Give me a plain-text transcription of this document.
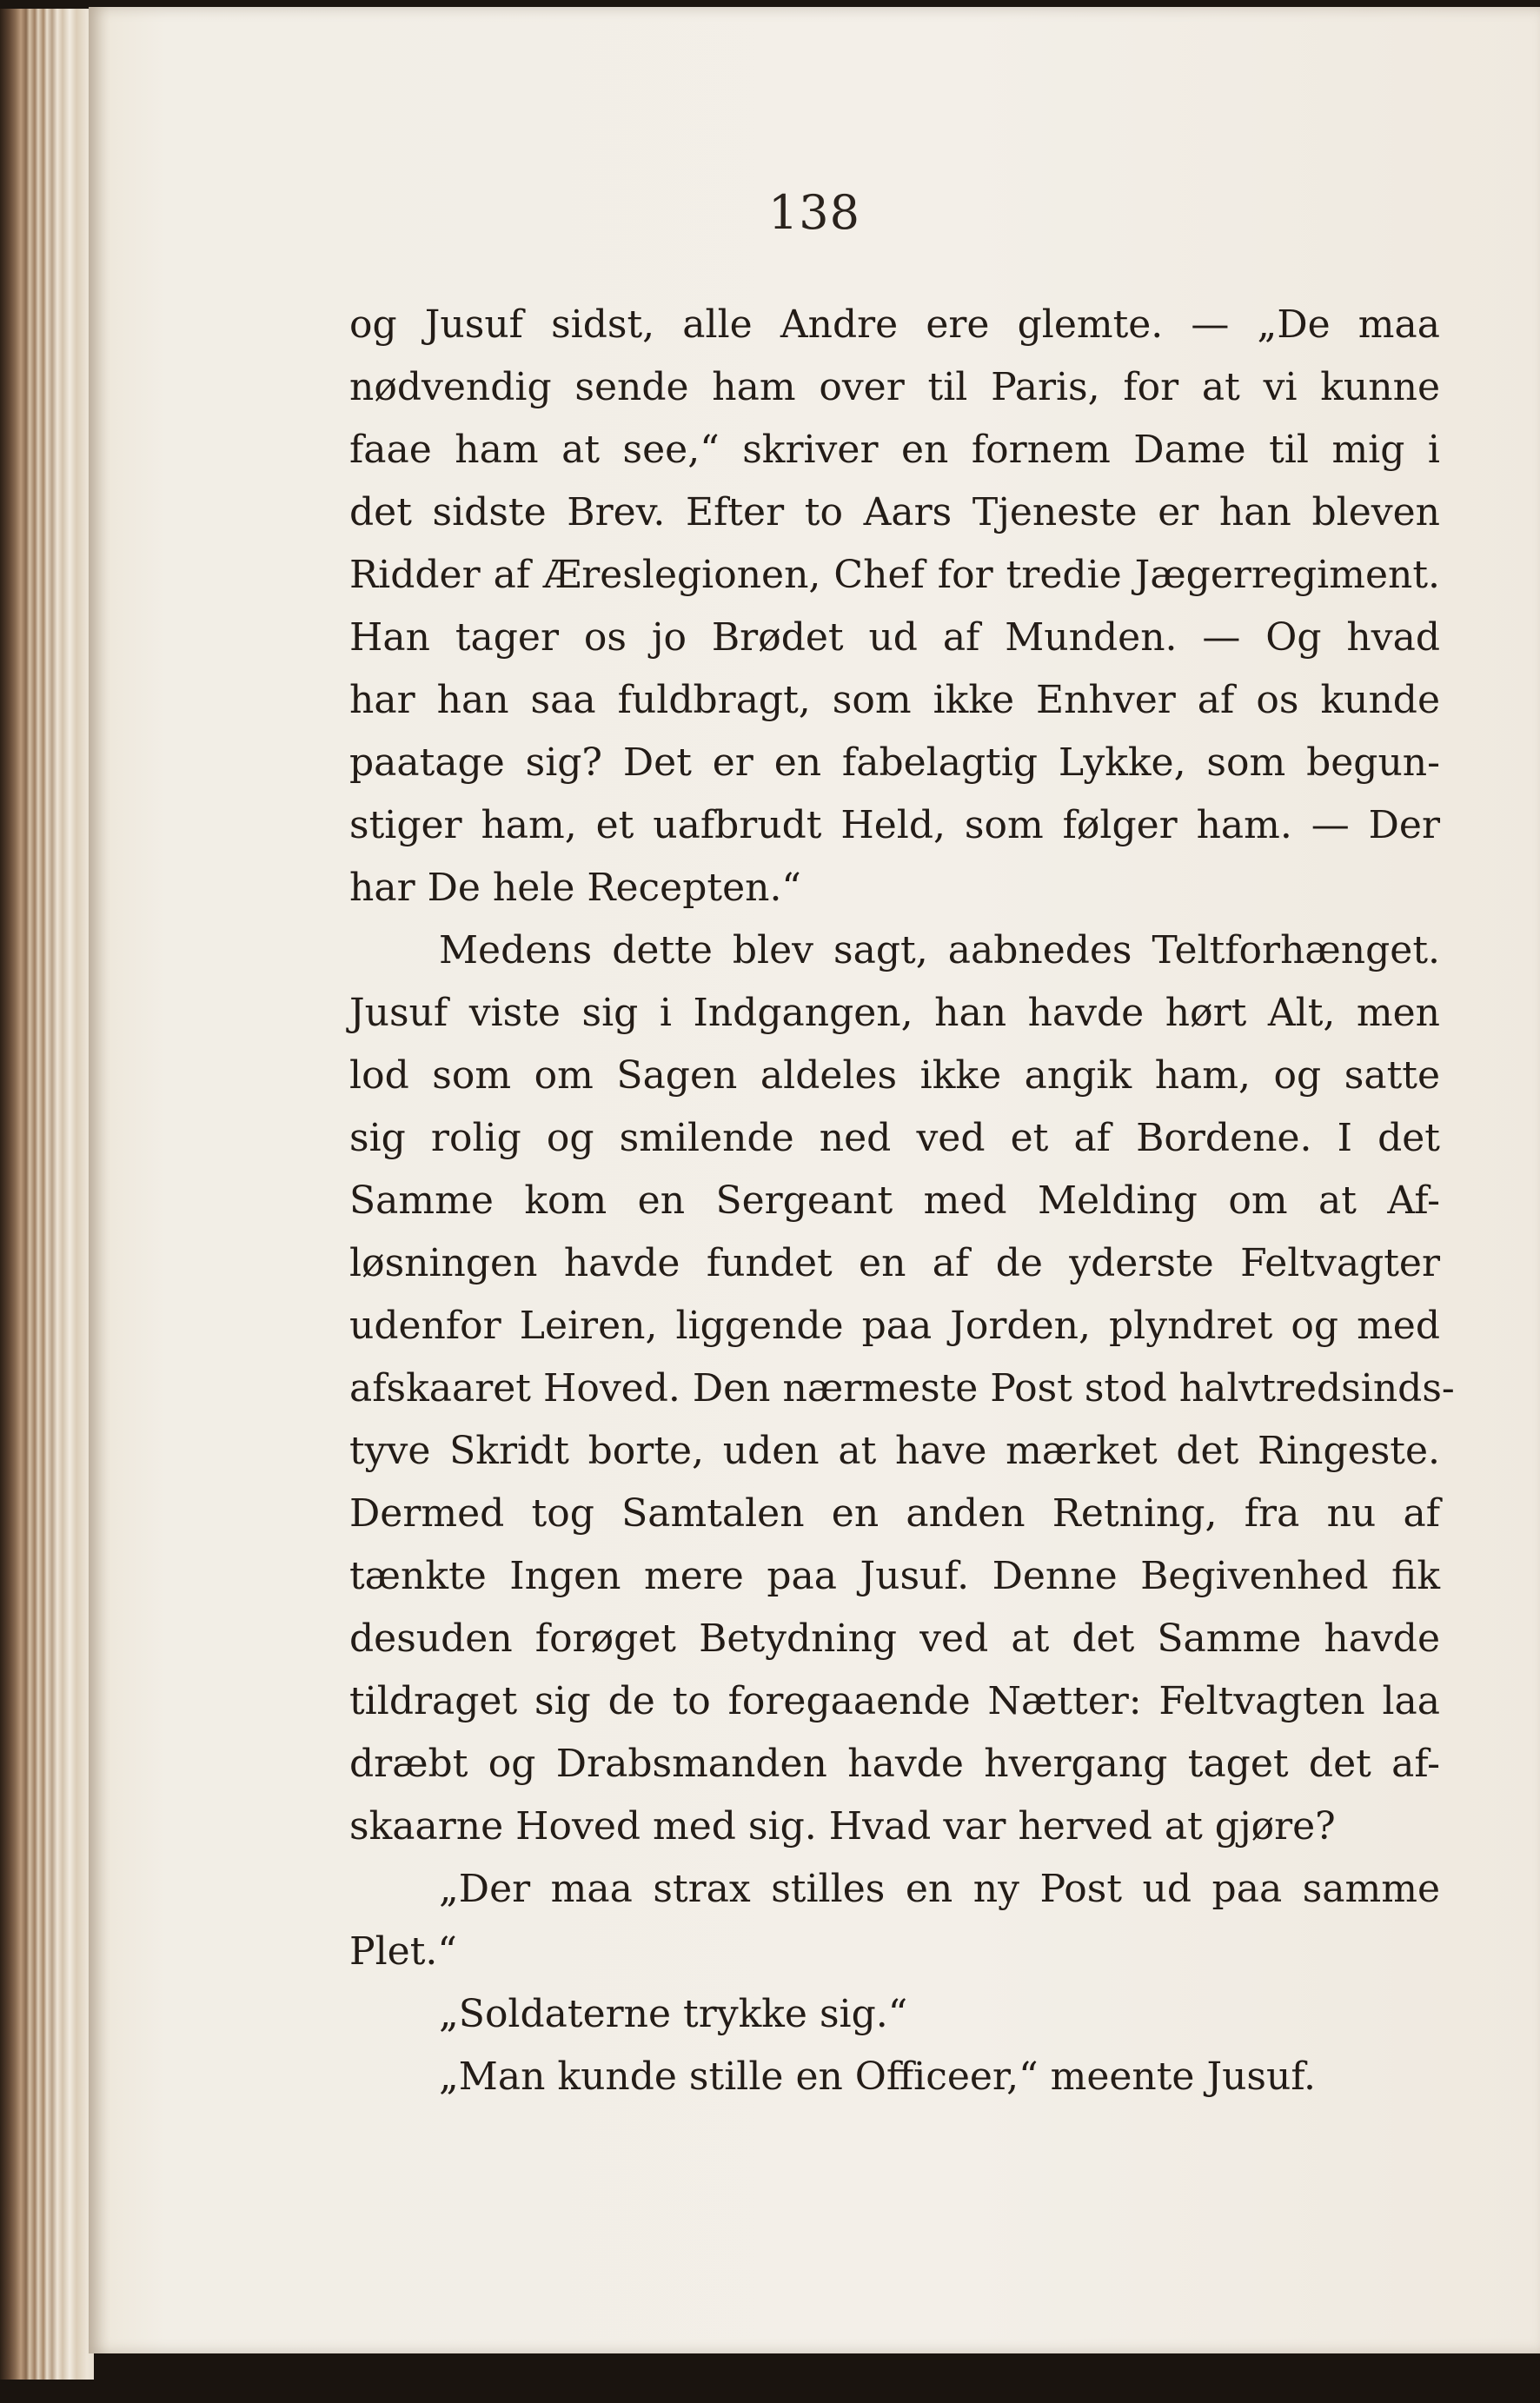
138
og Jusuf sidst, alle Andre ere glemte. — „De maa
nødvendig sende ham over til Paris, for at vi kunne
faae ham at see,“ skriver en fornem Dame til mig i
det sidste Brev. Efter to Aars Tjeneste er han bleven
Ridder af Æreslegionen, Chef for tredie Jægerregiment.
Han tager os jo Brødet ud af Munden. — Og hvad
har han saa fuldbragt, som ikke Enhver af os kunde
paatage sig? Det er en fabelagtig Lykke, som begun-
stiger ham, et uafbrudt Held, som følger ham. — Der
har De hele Recepten.“
Medens dette blev sagt, aabnedes Teltforhænget.
Jusuf viste sig i Indgangen, han havde hørt Alt, men
lod som om Sagen aldeles ikke angik ham, og satte
sig rolig og smilende ned ved et af Bordene. I det
Samme kom en Sergeant med Melding om at Af-
løsningen havde fundet en af de yderste Feltvagter
udenfor Leiren, liggende paa Jorden, plyndret og med
afskaaret Hoved. Den nærmeste Post stod halvtredsinds-
tyve Skridt borte, uden at have mærket det Ringeste.
Dermed tog Samtalen en anden Retning, fra nu af
tænkte Ingen mere paa Jusuf. Denne Begivenhed fik
desuden forøget Betydning ved at det Samme havde
tildraget sig de to foregaaende Nætter: Feltvagten laa
dræbt og Drabsmanden havde hvergang taget det af-
skaarne Hoved med sig. Hvad var herved at gjøre?
„Der maa strax stilles en ny Post ud paa samme
Plet.“
„Soldaterne trykke sig.“
„Man kunde stille en Officeer,“ meente Jusuf.
